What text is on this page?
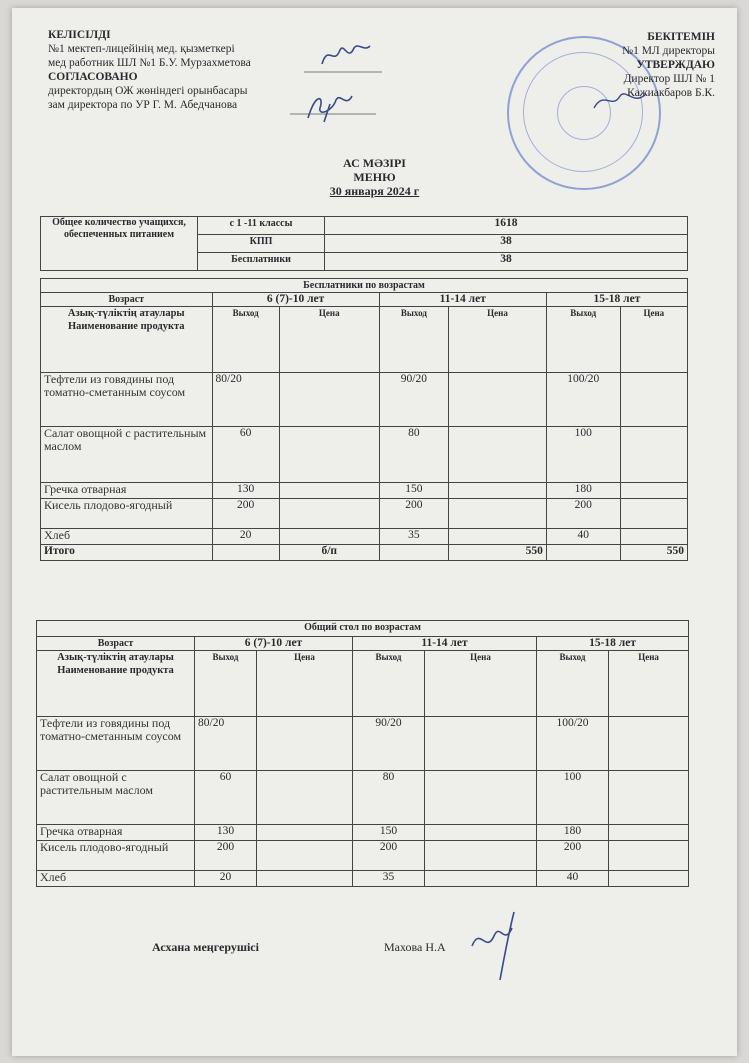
КЕЛІСІЛДІ
№1 мектеп-лицейінің мед. қызметкері
мед работник ШЛ №1 Б.У. Мурзахметова
СОГЛАСОВАНО
директордың ОЖ жөніндегі орынбасары
зам директора по УР Г. М. Абедчанова
БЕКІТЕМІН
№1 МЛ директоры
УТВЕРЖДАЮ
Директор ШЛ № 1
Кажиакбаров Б.К.
АС МӘЗІРІ
МЕНЮ
30 января 2024 г
Общее количество учащихся, обеспеченных питанием	с 1 -11 классы	1618
	КПП	38
	Бесплатники	38
Бесплатники по возрастам						
Возраст	6 (7)-10 лет		11-14 лет		15-18 лет	
Азық-түліктің атаулары Наименование продукта	Выход	Цена	Выход	Цена	Выход	Цена
Тефтели из говядины под томатно-сметанным соусом	80/20		90/20		100/20	
Салат овощной с растительным маслом	60		80		100	
Гречка отварная	130		150		180	
Кисель плодово-ягодный	200		200		200	
Хлеб	20		35		40	
Итого		б/п		550		550
Общий стол по возрастам						
Возраст	6 (7)-10 лет		11-14 лет		15-18 лет	
Азық-түліктің атаулары Наименование продукта	Выход	Цена	Выход	Цена	Выход	Цена
Тефтели из говядины под томатно-сметанным соусом	80/20		90/20		100/20	
Салат овощной с растительным маслом	60		80		100	
Гречка отварная	130		150		180	
Кисель плодово-ягодный	200		200		200	
Хлеб	20		35		40	
Асхана меңгерушісі	Махова Н.А
